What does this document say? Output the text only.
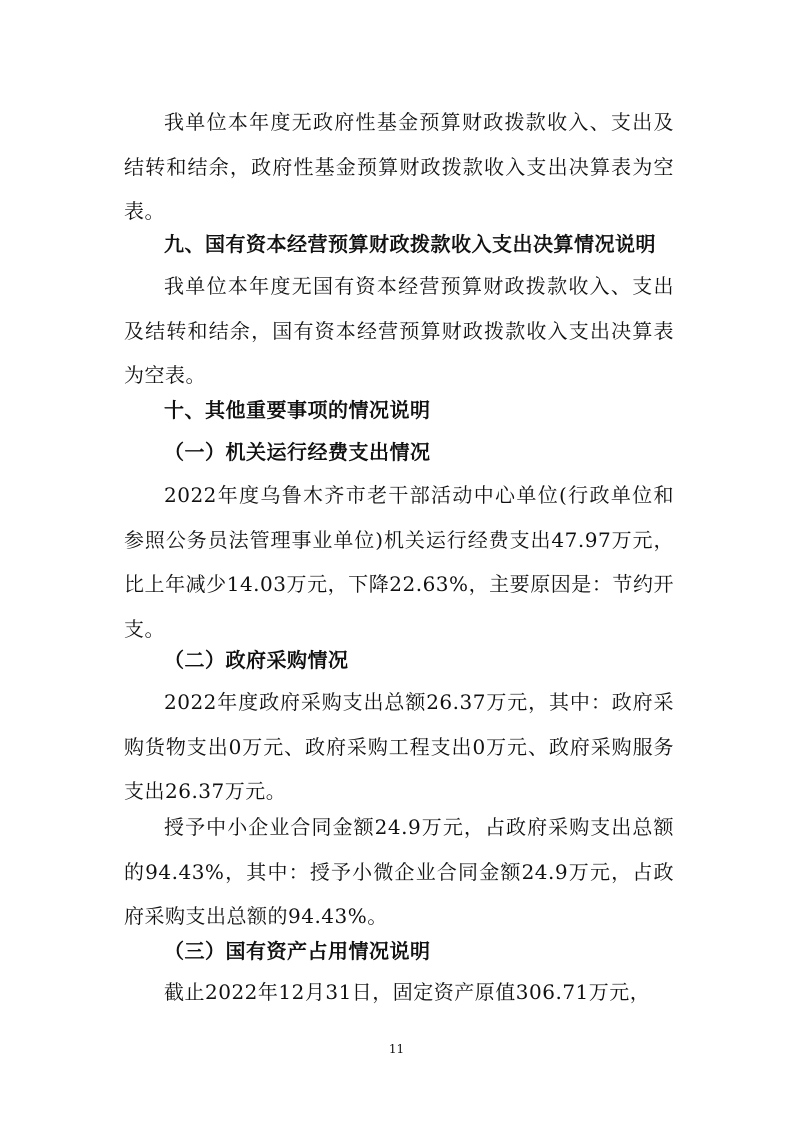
我单位本年度无政府性基金预算财政拨款收入、支出及结转和结余，政府性基金预算财政拨款收入支出决算表为空表。

九、国有资本经营预算财政拨款收入支出决算情况说明

我单位本年度无国有资本经营预算财政拨款收入、支出及结转和结余，国有资本经营预算财政拨款收入支出决算表为空表。

十、其他重要事项的情况说明

（一）机关运行经费支出情况

2022年度乌鲁木齐市老干部活动中心单位(行政单位和参照公务员法管理事业单位)机关运行经费支出47.97万元，比上年减少14.03万元，下降22.63%，主要原因是：节约开支。

（二）政府采购情况

2022年度政府采购支出总额26.37万元，其中：政府采购货物支出0万元、政府采购工程支出0万元、政府采购服务支出26.37万元。

授予中小企业合同金额24.9万元，占政府采购支出总额的94.43%，其中：授予小微企业合同金额24.9万元，占政府采购支出总额的94.43%。

（三）国有资产占用情况说明

截止2022年12月31日，固定资产原值306.71万元，

11
